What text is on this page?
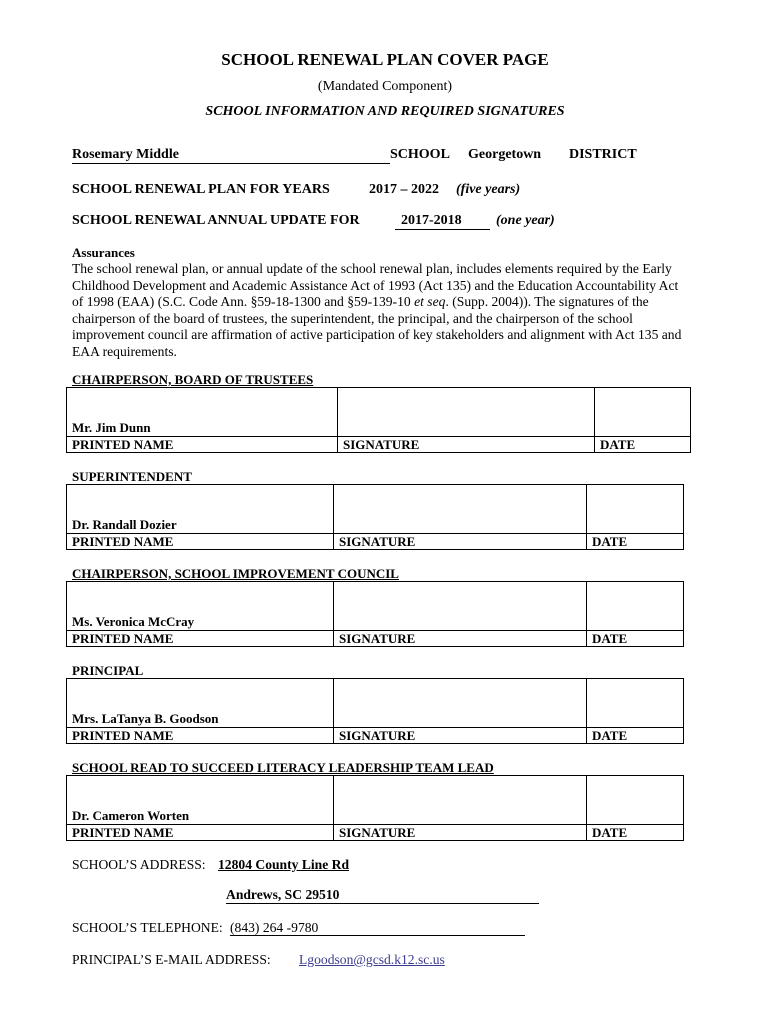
SCHOOL RENEWAL PLAN COVER PAGE
(Mandated Component)
SCHOOL INFORMATION AND REQUIRED SIGNATURES
Rosemary Middle	SCHOOL Georgetown DISTRICT
SCHOOL RENEWAL PLAN FOR YEARS	2017 – 2022 (five years)
SCHOOL RENEWAL ANNUAL UPDATE FOR	2017-2018 (one year)
Assurances
The school renewal plan, or annual update of the school renewal plan, includes elements required by the Early
Childhood Development and Academic Assistance Act of 1993 (Act 135) and the Education Accountability Act
of 1998 (EAA) (S.C. Code Ann. §59-18-1300 and §59-139-10 et seq. (Supp. 2004)). The signatures of the
chairperson of the board of trustees, the superintendent, the principal, and the chairperson of the school
improvement council are affirmation of active participation of key stakeholders and alignment with Act 135 and
EAA requirements.
CHAIRPERSON, BOARD OF TRUSTEES
Mr. Jim Dunn		
PRINTED NAME	SIGNATURE	DATE
SUPERINTENDENT
Dr. Randall Dozier		
PRINTED NAME	SIGNATURE	DATE
CHAIRPERSON, SCHOOL IMPROVEMENT COUNCIL
Ms. Veronica McCray		
PRINTED NAME	SIGNATURE	DATE
PRINCIPAL
Mrs. LaTanya B. Goodson		
PRINTED NAME	SIGNATURE	DATE
SCHOOL READ TO SUCCEED LITERACY LEADERSHIP TEAM LEAD
Dr. Cameron Worten		
PRINTED NAME	SIGNATURE	DATE
SCHOOL’S ADDRESS: 12804 County Line Rd
Andrews, SC 29510
SCHOOL’S TELEPHONE: (843) 264 -9780
PRINCIPAL’S E-MAIL ADDRESS: Lgoodson@gcsd.k12.sc.us
